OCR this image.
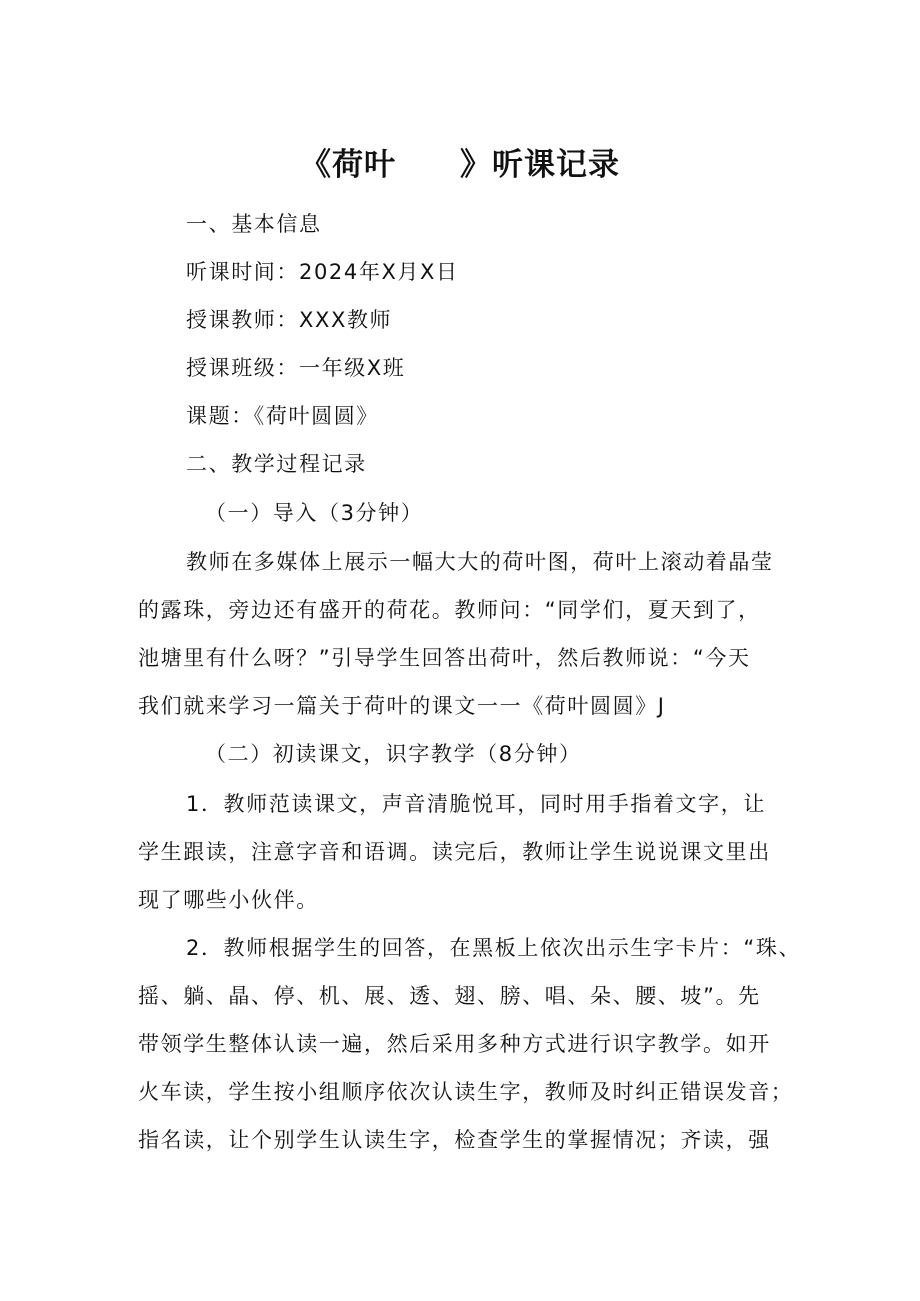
《荷叶　　》听课记录
一、基本信息
听课时间：2024年X月X日
授课教师：XXX教师
授课班级：一年级X班
课题：《荷叶圆圆》
二、教学过程记录
（一）导入（3分钟）
教师在多媒体上展示一幅大大的荷叶图，荷叶上滚动着晶莹
的露珠，旁边还有盛开的荷花。教师问：“同学们，夏天到了，
池塘里有什么呀？”引导学生回答出荷叶，然后教师说：“今天
我们就来学习一篇关于荷叶的课文一一《荷叶圆圆》J
（二）初读课文，识字教学（8分钟）
1．教师范读课文，声音清脆悦耳，同时用手指着文字，让
学生跟读，注意字音和语调。读完后，教师让学生说说课文里出
现了哪些小伙伴。
2．教师根据学生的回答，在黑板上依次出示生字卡片：“珠、
摇、躺、晶、停、机、展、透、翅、膀、唱、朵、腰、坡”。先
带领学生整体认读一遍，然后采用多种方式进行识字教学。如开
火车读，学生按小组顺序依次认读生字，教师及时纠正错误发音；
指名读，让个别学生认读生字，检查学生的掌握情况；齐读，强
